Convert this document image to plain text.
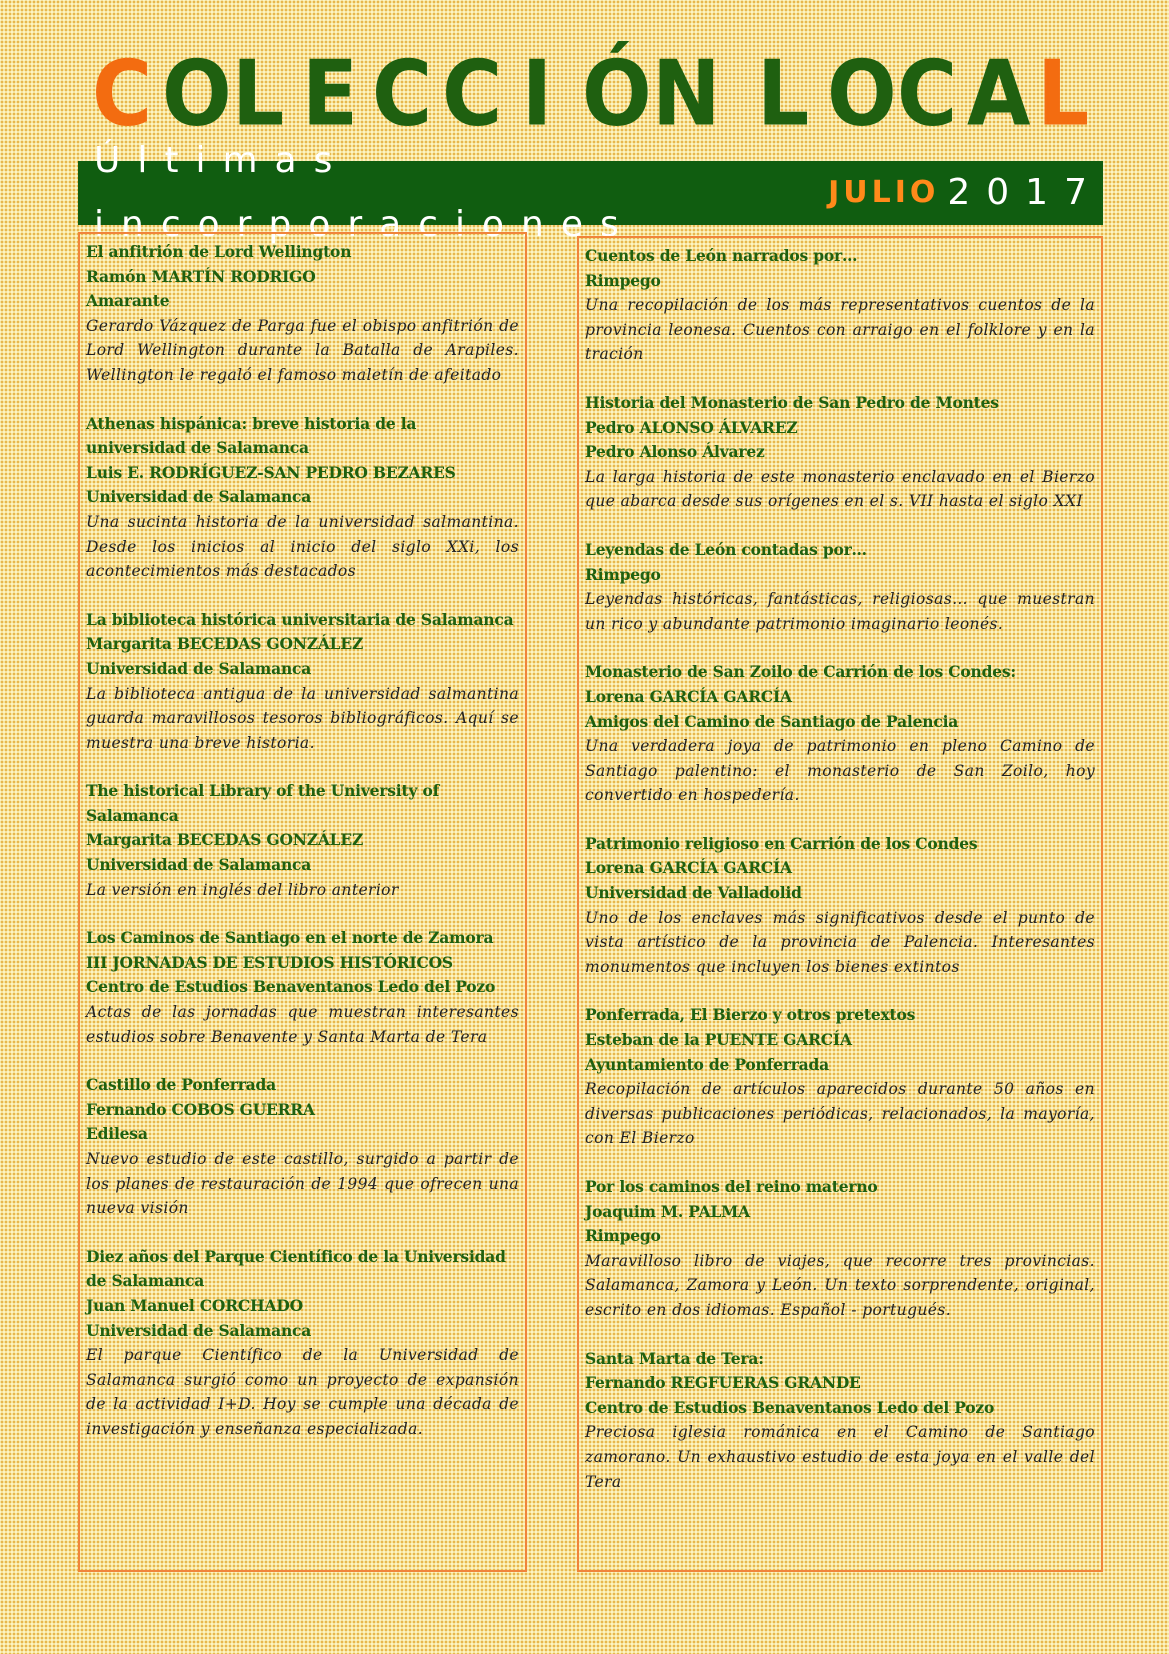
C O L E C C I Ó N L O C A L
Últimas incorporaciones
JULIO 2017
El anfitrión de Lord Wellington
Ramón MARTÍN RODRIGO
Amarante
Gerardo Vázquez de Parga fue el obispo anfitrión de Lord Wellington durante la Batalla de Arapiles. Wellington le regaló el famoso maletín de afeitado
Athenas hispánica: breve historia de la universidad de Salamanca
Luis E. RODRÍGUEZ-SAN PEDRO BEZARES
Universidad de Salamanca
Una sucinta historia de la universidad salmantina. Desde los inicios al inicio del siglo XXi, los acontecimientos más destacados
La biblioteca histórica universitaria de Salamanca
Margarita BECEDAS GONZÁLEZ
Universidad de Salamanca
La biblioteca antigua de la universidad salmantina guarda maravillosos tesoros bibliográficos. Aquí se muestra una breve historia.
The historical Library of the University of Salamanca
Margarita BECEDAS GONZÁLEZ
Universidad de Salamanca
La versión en inglés del libro anterior
Los Caminos de Santiago en el norte de Zamora
III JORNADAS DE ESTUDIOS HISTÓRICOS
Centro de Estudios Benaventanos Ledo del Pozo
Actas de las jornadas que muestran interesantes estudios sobre Benavente y Santa Marta de Tera
Castillo de Ponferrada
Fernando COBOS GUERRA
Edilesa
Nuevo estudio de este castillo, surgido a partir de los planes de restauración de 1994 que ofrecen una nueva visión
Diez años del Parque Científico de la Universidad de Salamanca
Juan Manuel CORCHADO
Universidad de Salamanca
El parque Científico de la Universidad de Salamanca surgió como un proyecto de expansión de la actividad I+D. Hoy se cumple una década de investigación y enseñanza especializada.
Cuentos de León narrados por…
Rimpego
Una recopilación de los más representativos cuentos de la provincia leonesa. Cuentos con arraigo en el folklore y en la tración
Historia del Monasterio de San Pedro de Montes
Pedro ALONSO ÁLVAREZ
Pedro Alonso Álvarez
La larga historia de este monasterio enclavado en el Bierzo que abarca desde sus orígenes en el s. VII hasta el siglo XXI
Leyendas de León contadas por…
Rimpego
Leyendas históricas, fantásticas, religiosas… que muestran un rico y abundante patrimonio imaginario leonés.
Monasterio de San Zoilo de Carrión de los Condes:
Lorena GARCÍA GARCÍA
Amigos del Camino de Santiago de Palencia
Una verdadera joya de patrimonio en pleno Camino de Santiago palentino: el monasterio de San Zoilo, hoy convertido en hospedería.
Patrimonio religioso en Carrión de los Condes
Lorena GARCÍA GARCÍA
Universidad de Valladolid
Uno de los enclaves más significativos desde el punto de vista artístico de la provincia de Palencia. Interesantes monumentos que incluyen los bienes extintos
Ponferrada, El Bierzo y otros pretextos
Esteban de la PUENTE GARCÍA
Ayuntamiento de Ponferrada
Recopilación de artículos aparecidos durante 50 años en diversas publicaciones periódicas, relacionados, la mayoría, con El Bierzo
Por los caminos del reino materno
Joaquim M. PALMA
Rimpego
Maravilloso libro de viajes, que recorre tres provincias. Salamanca, Zamora y León. Un texto sorprendente, original, escrito en dos idiomas. Español - portugués.
Santa Marta de Tera:
Fernando REGFUERAS GRANDE
Centro de Estudios Benaventanos Ledo del Pozo
Preciosa iglesia románica en el Camino de Santiago zamorano. Un exhaustivo estudio de esta joya en el valle del Tera
